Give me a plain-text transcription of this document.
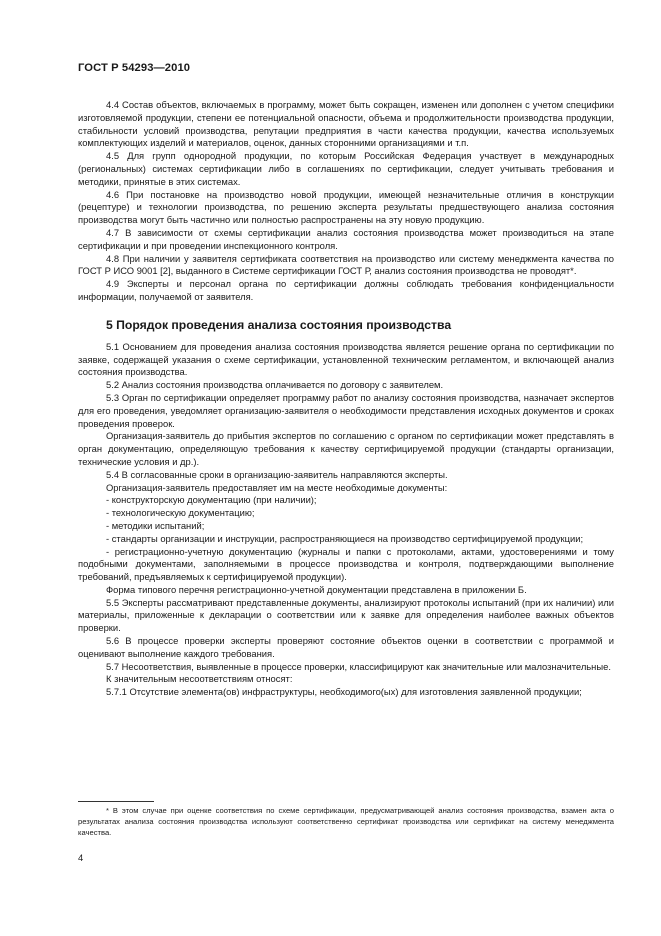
ГОСТ Р 54293—2010

4.4 Состав объектов, включаемых в программу, может быть сокращен, изменен или дополнен с учетом специфики изготовляемой продукции, степени ее потенциальной опасности, объема и продолжительности производства продукции, стабильности условий производства, репутации предприятия в части качества продукции, качества используемых комплектующих изделий и материалов, оценок, данных сторонними организациями и т.п.

4.5 Для групп однородной продукции, по которым Российская Федерация участвует в международных (региональных) системах сертификации либо в соглашениях по сертификации, следует учитывать требования и методики, принятые в этих системах.

4.6 При постановке на производство новой продукции, имеющей незначительные отличия в конструкции (рецептуре) и технологии производства, по решению эксперта результаты предшествующего анализа состояния производства могут быть частично или полностью распространены на эту новую продукцию.

4.7 В зависимости от схемы сертификации анализ состояния производства может производиться на этапе сертификации и при проведении инспекционного контроля.

4.8 При наличии у заявителя сертификата соответствия на производство или систему менеджмента качества по ГОСТ Р ИСО 9001 [2], выданного в Системе сертификации ГОСТ Р, анализ состояния производства не проводят*.

4.9 Эксперты и персонал органа по сертификации должны соблюдать требования конфиденциальности информации, получаемой от заявителя.

5 Порядок проведения анализа состояния производства

5.1 Основанием для проведения анализа состояния производства является решение органа по сертификации по заявке, содержащей указания о схеме сертификации, установленной техническим регламентом, и включающей анализ состояния производства.

5.2 Анализ состояния производства оплачивается по договору с заявителем.

5.3 Орган по сертификации определяет программу работ по анализу состояния производства, назначает экспертов для его проведения, уведомляет организацию-заявителя о необходимости представления исходных документов и сроках проведения проверок.

Организация-заявитель до прибытия экспертов по соглашению с органом по сертификации может представлять в орган документацию, определяющую требования к качеству сертифицируемой продукции (стандарты организации, технические условия и др.).

5.4 В согласованные сроки в организацию-заявитель направляются эксперты.

Организация-заявитель предоставляет им на месте необходимые документы:

- конструкторскую документацию (при наличии);

- технологическую документацию;

- методики испытаний;

- стандарты организации и инструкции, распространяющиеся на производство сертифицируемой продукции;

- регистрационно-учетную документацию (журналы и папки с протоколами, актами, удостоверениями и тому подобными документами, заполняемыми в процессе производства и контроля, подтверждающими выполнение требований, предъявляемых к сертифицируемой продукции).

Форма типового перечня регистрационно-учетной документации представлена в приложении Б.

5.5 Эксперты рассматривают представленные документы, анализируют протоколы испытаний (при их наличии) или материалы, приложенные к декларации о соответствии или к заявке для определения наиболее важных объектов проверки.

5.6 В процессе проверки эксперты проверяют состояние объектов оценки в соответствии с программой и оценивают выполнение каждого требования.

5.7 Несоответствия, выявленные в процессе проверки, классифицируют как значительные или малозначительные.

К значительным несоответствиям относят:

5.7.1 Отсутствие элемента(ов) инфраструктуры, необходимого(ых) для изготовления заявленной продукции;

* В этом случае при оценке соответствия по схеме сертификации, предусматривающей анализ состояния производства, взамен акта о результатах анализа состояния производства используют соответственно сертификат производства или сертификат на систему менеджмента качества.

4
